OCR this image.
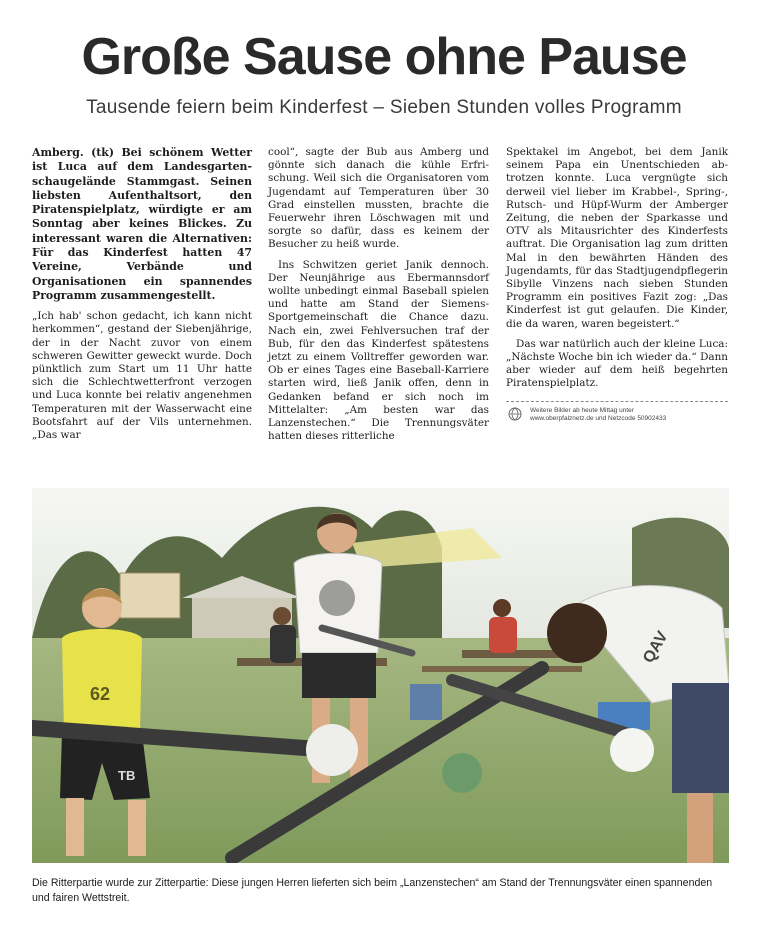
Große Sause ohne Pause
Tausende feiern beim Kinderfest – Sieben Stunden volles Programm

Amberg. (tk) Bei schönem Wetter ist Luca auf dem Landesgartenschaugelände Stammgast. Seinen liebsten Aufenthaltsort, den Piratenspielplatz, würdigte er am Sonntag aber keines Blickes. Zu interessant waren die Alternativen: Für das Kinderfest hatten 47 Vereine, Verbände und Organisationen ein spannendes Programm zusammengestellt.

„Ich hab' schon gedacht, ich kann nicht herkommen“, gestand der Siebenjährige, der in der Nacht zuvor von einem schweren Gewitter geweckt wurde. Doch pünktlich zum Start um 11 Uhr hatte sich die Schlechtwetterfront verzogen und Luca konnte bei relativ angenehmen Temperaturen mit der Wasserwacht eine Bootsfahrt auf der Vils unternehmen. „Das war

cool“, sagte der Bub aus Amberg und gönnte sich danach die kühle Erfrischung. Weil sich die Organisatoren vom Jugendamt auf Temperaturen über 30 Grad einstellen mussten, brachte die Feuerwehr ihren Löschwagen mit und sorgte so dafür, dass es keinem der Besucher zu heiß wurde.

Ins Schwitzen geriet Janik dennoch. Der Neunjährige aus Ebermannsdorf wollte unbedingt einmal Baseball spielen und hatte am Stand der Siemens-Sportgemeinschaft die Chance dazu. Nach ein, zwei Fehlversuchen traf der Bub, für den das Kinderfest spätestens jetzt zu einem Volltreffer geworden war. Ob er eines Tages eine Baseball-Karriere starten wird, ließ Janik offen, denn in Gedanken befand er sich noch im Mittelalter: „Am besten war das Lanzenstechen.“ Die Trennungsväter hatten dieses ritterliche

Spektakel im Angebot, bei dem Janik seinem Papa ein Unentschieden abtrotzen konnte. Luca vergnügte sich derweil viel lieber im Krabbel-, Spring-, Rutsch- und Hüpf-Wurm der Amberger Zeitung, die neben der Sparkasse und OTV als Mitausrichter des Kinderfests auftrat. Die Organisation lag zum dritten Mal in den bewährten Händen des Jugendamts, für das Stadtjugendpflegerin Sibylle Vinzens nach sieben Stunden Programm ein positives Fazit zog: „Das Kinderfest ist gut gelaufen. Die Kinder, die da waren, waren begeistert.“

Das war natürlich auch der kleine Luca: „Nächste Woche bin ich wieder da.“ Dann aber wieder auf dem heiß begehrten Piratenspielplatz.

Weitere Bilder ab heute Mittag unter
www.oberpfalznetz.de und Netzcode 50902433
62
TB
QAV
Die Ritterpartie wurde zur Zitterpartie: Diese jungen Herren lieferten sich beim „Lanzenstechen“ am Stand der Trennungsväter einen spannenden und fairen Wettstreit.
